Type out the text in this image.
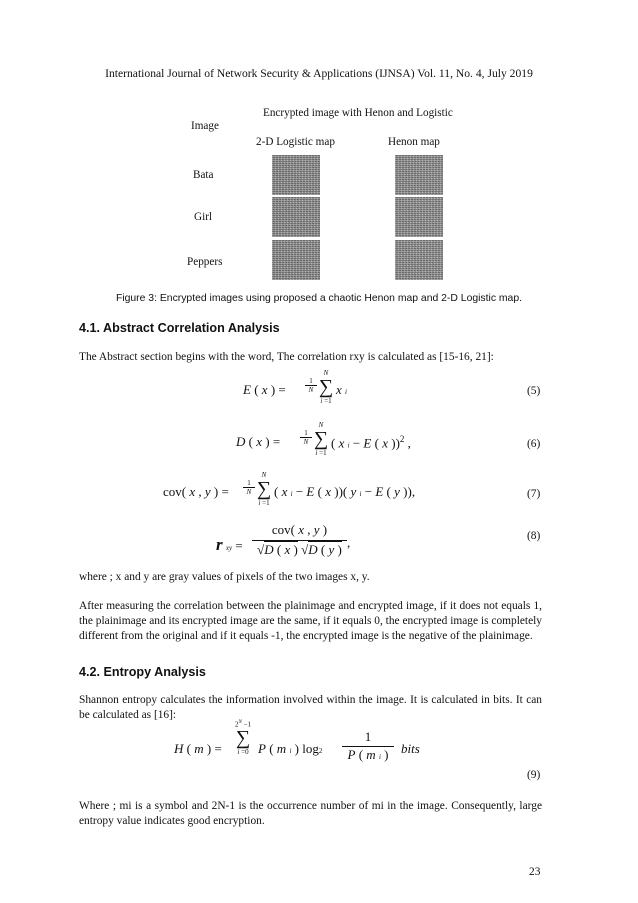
International Journal of Network Security & Applications (IJNSA) Vol. 11, No. 4, July 2019
Encrypted image with Henon and Logistic
Image
2-D Logistic map	Henon map
Bata
Girl
Peppers
Figure 3: Encrypted images using proposed a chaotic Henon map and 2-D Logistic map.
4.1. Abstract Correlation Analysis
The Abstract section begins with the word, The correlation rxy is calculated as [15-16, 21]:
E ( x ) =
1
N
N
∑
i =1
x i	(5)
D ( x ) =
1
N
N
∑
i =1
( x i − E ( x ))$^2$ ,	(6)
cov( x , y ) =
1
N
N
∑
i =1
( x i − E ( x ))( y i − E ( y )),	(7)
r xy =
cov( x , y )
√D ( x ) √D ( y ) ,	(8)
where ; x and y are gray values of pixels of the two images x, y.
After measuring the correlation between the plainimage and encrypted image, if it does not equals 1, the plainimage and its encrypted image are the same, if it equals 0, the encrypted image is completely different from the original and if it equals -1, the encrypted image is the negative of the plainimage.
4.2. Entropy Analysis
Shannon entropy calculates the information involved within the image. It is calculated in bits. It can be calculated as [16]:
H ( m ) =
$2^N -1$
∑
i =0 P ( m i ) log2
1
P ( m i ) bits
(9)
Where ; mi is a symbol and 2N-1 is the occurrence number of mi in the image. Consequently, large entropy value indicates good encryption.
23
